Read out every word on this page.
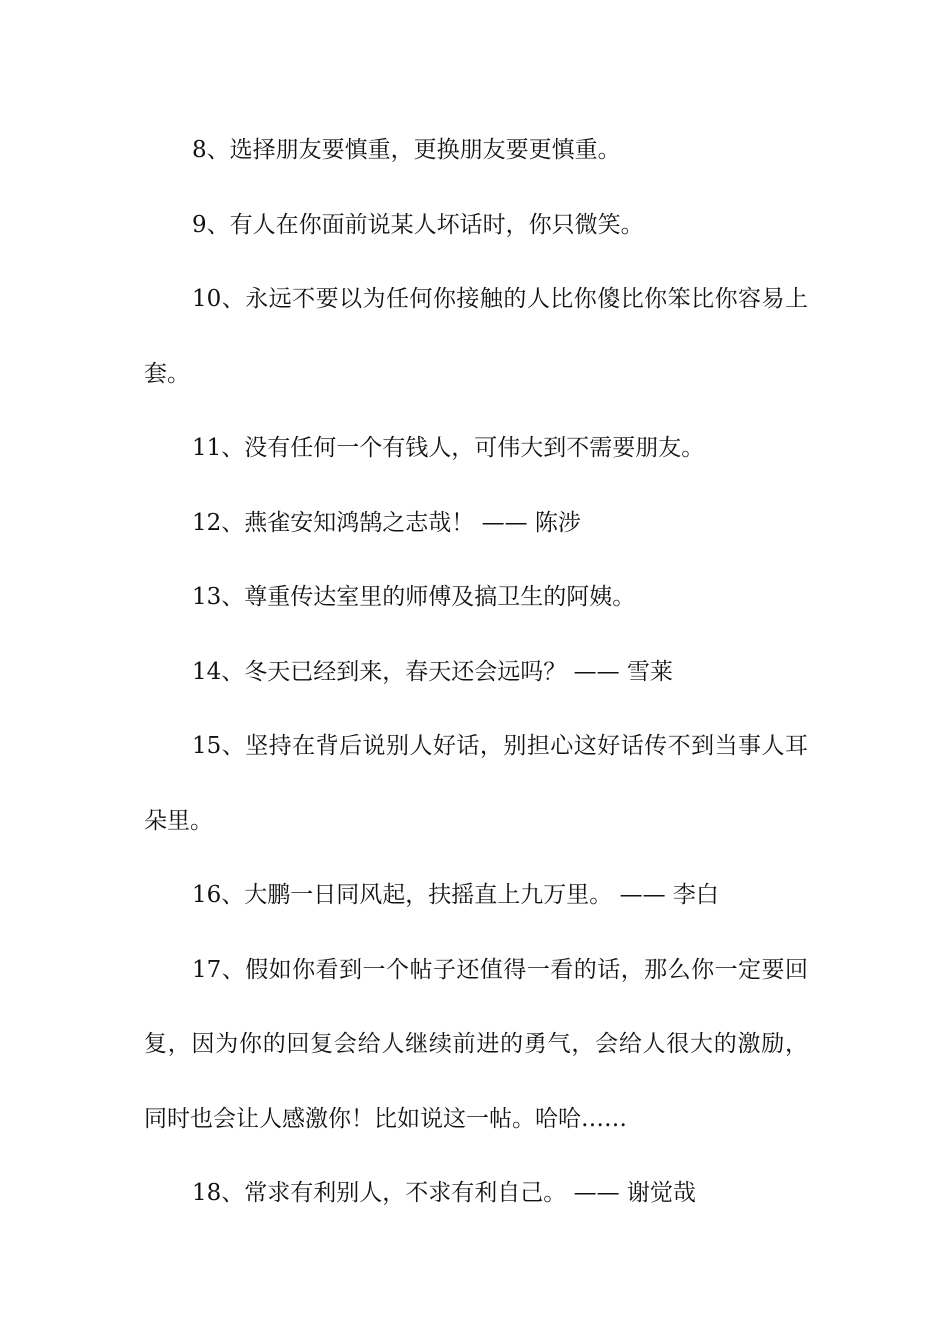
8、选择朋友要慎重，更换朋友要更慎重。

9、有人在你面前说某人坏话时，你只微笑。

10、永远不要以为任何你接触的人比你傻比你笨比你容易上套。

11、没有任何一个有钱人，可伟大到不需要朋友。

12、燕雀安知鸿鹄之志哉！ —— 陈涉

13、尊重传达室里的师傅及搞卫生的阿姨。

14、冬天已经到来，春天还会远吗？ —— 雪莱

15、坚持在背后说别人好话，别担心这好话传不到当事人耳朵里。

16、大鹏一日同风起，扶摇直上九万里。 —— 李白

17、假如你看到一个帖子还值得一看的话，那么你一定要回复，因为你的回复会给人继续前进的勇气，会给人很大的激励，同时也会让人感激你！比如说这一帖。哈哈……

18、常求有利别人，不求有利自己。 —— 谢觉哉
